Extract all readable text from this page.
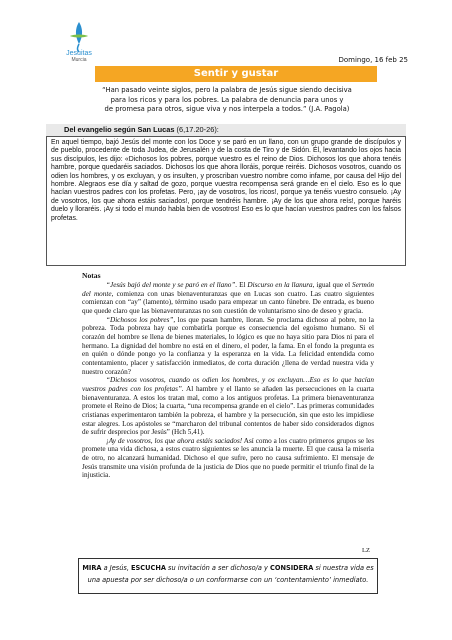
Jesuitas
Murcia	Domingo, 16 feb 25
Sentir y gustar
“Han pasado veinte siglos, pero la palabra de Jesús sigue siendo decisiva
para los ricos y para los pobres. La palabra de denuncia para unos y
de promesa para otros, sigue viva y nos interpela a todos.” (J.A. Pagola)
Del evangelio según San Lucas (6,17.20-26):
En aquel tiempo, bajó Jesús del monte con los Doce y se paró en un llano, con un grupo grande de discípulos y de pueblo, procedente de toda Judea, de Jerusalén y de la costa de Tiro y de Sidón. Él, levantando los ojos hacia sus discípulos, les dijo: «Dichosos los pobres, porque vuestro es el reino de Dios. Dichosos los que ahora tenéis hambre, porque quedaréis saciados. Dichosos los que ahora lloráis, porque reiréis. Dichosos vosotros, cuando os odien los hombres, y os excluyan, y os insulten, y proscriban vuestro nombre como infame, por causa del Hijo del hombre. Alegraos ese día y saltad de gozo, porque vuestra recompensa será grande en el cielo. Eso es lo que hacían vuestros padres con los profetas. Pero, ¡ay de vosotros, los ricos!, porque ya tenéis vuestro consuelo. ¡Ay de vosotros, los que ahora estáis saciados!, porque tendréis hambre. ¡Ay de los que ahora reís!, porque haréis duelo y lloraréis. ¡Ay si todo el mundo habla bien de vosotros! Eso es lo que hacían vuestros padres con los falsos profetas.
Notas

“Jesús bajó del monte y se paró en el llano”. El Discurso en la llanura, igual que el Sermón del monte, comienza con unas bienaventuranzas que en Lucas son cuatro. Las cuatro siguientes comienzan con “ay” (lamento), término usado para empezar un canto fúnebre. De entrada, es bueno que quede claro que las bienaventuranzas no son cuestión de voluntarismo sino de deseo y gracia.

“Dichosos los pobres”, los que pasan hambre, lloran. Se proclama dichoso al pobre, no la pobreza. Toda pobreza hay que combatirla porque es consecuencia del egoísmo humano. Si el corazón del hombre se llena de bienes materiales, lo lógico es que no haya sitio para Dios ni para el hermano. La dignidad del hombre no está en el dinero, el poder, la fama. En el fondo la pregunta es en quién o dónde pongo yo la confianza y la esperanza en la vida. La felicidad entendida como contentamiento, placer y satisfacción inmediatos, de corta duración ¿llena de verdad nuestra vida y nuestro corazón?

“Dichosos vosotros, cuando os odien los hombres, y os excluyan…Eso es lo que hacían vuestros padres con los profetas”. Al hambre y el llanto se añaden las persecuciones en la cuarta bienaventuranza. A estos los tratan mal, como a los antiguos profetas. La primera bienaventuranza promete el Reino de Dios; la cuarta, “una recompensa grande en el cielo”. Las primeras comunidades cristianas experimentaron también la pobreza, el hambre y la persecución, sin que esto les impidiese estar alegres. Los apóstoles se “marcharon del tribunal contentos de haber sido considerados dignos de sufrir desprecios por Jesús” (Hch 5,41).

¡Ay de vosotros, los que ahora estáis saciados! Así como a los cuatro primeros grupos se les promete una vida dichosa, a estos cuatro siguientes se les anuncia la muerte. El que causa la miseria de otro, no alcanzará humanidad. Dichoso el que sufre, pero no causa sufrimiento. El mensaje de Jesús transmite una visión profunda de la justicia de Dios que no puede permitir el triunfo final de la injusticia.

LZ
MIRA a Jesús, ESCUCHA su invitación a ser dichoso/a y CONSIDERA si nuestra vida es
una apuesta por ser dichoso/a o un conformarse con un ‘contentamiento’ inmediato.
